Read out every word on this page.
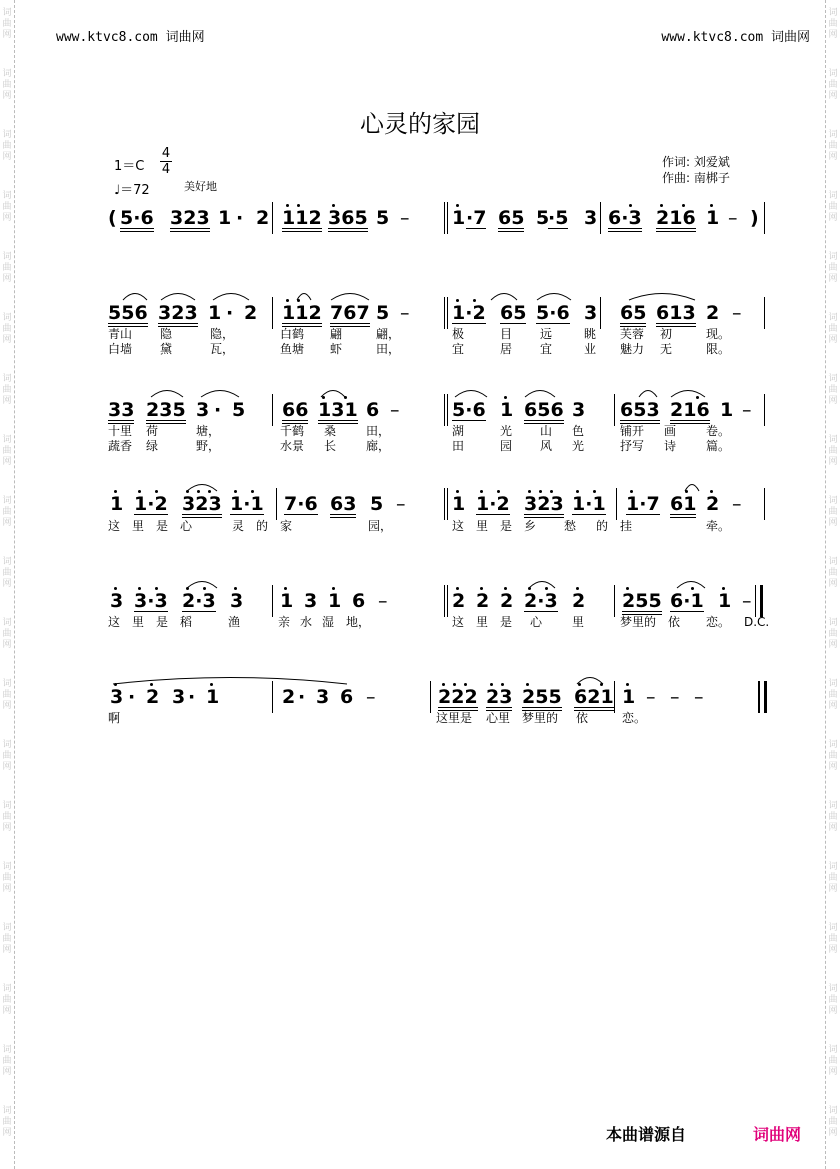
词
曲
网
词
曲
网
词
曲
网
词
曲
网
词
曲
网
词
曲
网
词
曲
网
词
曲
网
词
曲
网
词
曲
网
词
曲
网
词
曲
网
词
曲
网
词
曲
网
词
曲
网
词
曲
网
词
曲
网
词
曲
网
词
曲
网
词
曲
网
词
曲
网
词
曲
网
词
曲
网
词
曲
网
词
曲
网
词
曲
网
词
曲
网
词
曲
网
词
曲
网
词
曲
网
词
曲
网
词
曲
网
词
曲
网
词
曲
网
词
曲
网
词
曲
网
词
曲
网
词
曲
网
www.ktvc8.com 词曲网	www.ktvc8.com 词曲网
心灵的家园
1＝C
4
4
♩＝72	美好地
作词: 刘爱斌
作曲: 南梆子
( 5·6 323 1 · 2 112 365 5 – 1 ·7 65 5
·5 3 6·3 216 1 – )
556 323 1 · 2 112 767 5 – 1·2 65 5·6 3 65 613 2 –
33 235 3 · 5 66 131 6 –	5·6 1 656 3 653 216 1 –
1 1·2 323 1·1 7·6 63 5 – 1 1·2 323 1·1 1·7 61 2 –
3 3·3 2·3 3 1 3 1 6 –	2 2 2 2·3 2 255 6·1 1 –
3 · 2 3 · 1	2 · 3 6 –	222 23 255 621 1 – – –
青山 隐	隐，	白鹤 翩	翩，	极	目 远	眺 芙蓉 初	现。
白墙 黛	瓦，	鱼塘 虾	田，	宜	居 宜	业 魅力 无	限。
十里 荷	塘，	千鹤 桑 田，	湖	光 山 色	铺开 画 卷。
蔬香 绿	野，	水景 长 廊，	田	园 风 光	抒写 诗 篇。
这 里 是 心	灵 的 家	园，	这 里 是 乡 愁 的 挂	牵。
这 里 是 稻	渔	亲 水 湿 地，	这 里 是 心 里	梦里的 依 恋。 D.C.
啊	这里是 心里 梦里的 依	恋。
本曲谱源自	词曲网
